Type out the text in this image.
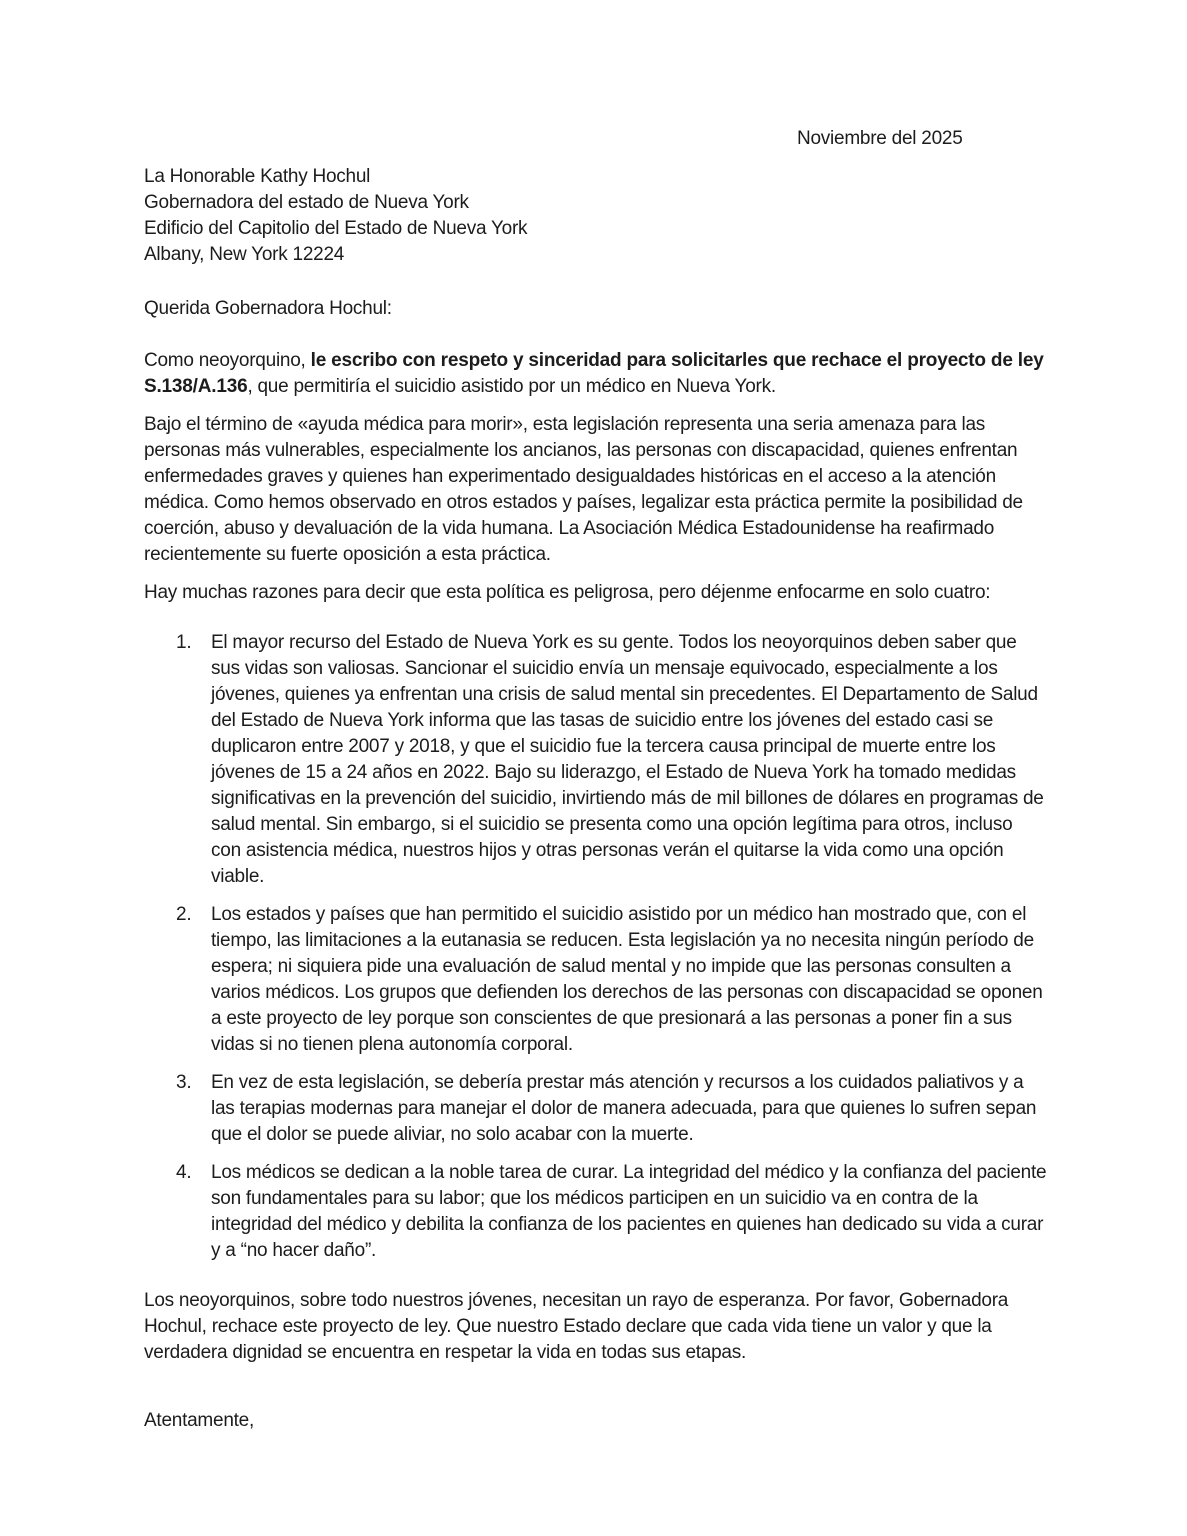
Noviembre del 2025

La Honorable Kathy Hochul
Gobernadora del estado de Nueva York
Edificio del Capitolio del Estado de Nueva York
Albany, New York 12224

Querida Gobernadora Hochul:

Como neoyorquino, le escribo con respeto y sinceridad para solicitarles que rechace el proyecto de ley S.138/A.136, que permitiría el suicidio asistido por un médico en Nueva York.

Bajo el término de «ayuda médica para morir», esta legislación representa una seria amenaza para las personas más vulnerables, especialmente los ancianos, las personas con discapacidad, quienes enfrentan enfermedades graves y quienes han experimentado desigualdades históricas en el acceso a la atención médica. Como hemos observado en otros estados y países, legalizar esta práctica permite la posibilidad de coerción, abuso y devaluación de la vida humana. La Asociación Médica Estadounidense ha reafirmado recientemente su fuerte oposición a esta práctica.

Hay muchas razones para decir que esta política es peligrosa, pero déjenme enfocarme en solo cuatro:

1.	El mayor recurso del Estado de Nueva York es su gente. Todos los neoyorquinos deben saber que sus vidas son valiosas. Sancionar el suicidio envía un mensaje equivocado, especialmente a los jóvenes, quienes ya enfrentan una crisis de salud mental sin precedentes. El Departamento de Salud del Estado de Nueva York informa que las tasas de suicidio entre los jóvenes del estado casi se duplicaron entre 2007 y 2018, y que el suicidio fue la tercera causa principal de muerte entre los jóvenes de 15 a 24 años en 2022. Bajo su liderazgo, el Estado de Nueva York ha tomado medidas significativas en la prevención del suicidio, invirtiendo más de mil billones de dólares en programas de salud mental. Sin embargo, si el suicidio se presenta como una opción legítima para otros, incluso con asistencia médica, nuestros hijos y otras personas verán el quitarse la vida como una opción viable.
2.	Los estados y países que han permitido el suicidio asistido por un médico han mostrado que, con el tiempo, las limitaciones a la eutanasia se reducen. Esta legislación ya no necesita ningún período de espera; ni siquiera pide una evaluación de salud mental y no impide que las personas consulten a varios médicos. Los grupos que defienden los derechos de las personas con discapacidad se oponen a este proyecto de ley porque son conscientes de que presionará a las personas a poner fin a sus vidas si no tienen plena autonomía corporal.
3.	En vez de esta legislación, se debería prestar más atención y recursos a los cuidados paliativos y a las terapias modernas para manejar el dolor de manera adecuada, para que quienes lo sufren sepan que el dolor se puede aliviar, no solo acabar con la muerte.
4.	Los médicos se dedican a la noble tarea de curar. La integridad del médico y la confianza del paciente son fundamentales para su labor; que los médicos participen en un suicidio va en contra de la integridad del médico y debilita la confianza de los pacientes en quienes han dedicado su vida a curar y a “no hacer daño”.

Los neoyorquinos, sobre todo nuestros jóvenes, necesitan un rayo de esperanza. Por favor, Gobernadora Hochul, rechace este proyecto de ley. Que nuestro Estado declare que cada vida tiene un valor y que la verdadera dignidad se encuentra en respetar la vida en todas sus etapas.

Atentamente,
